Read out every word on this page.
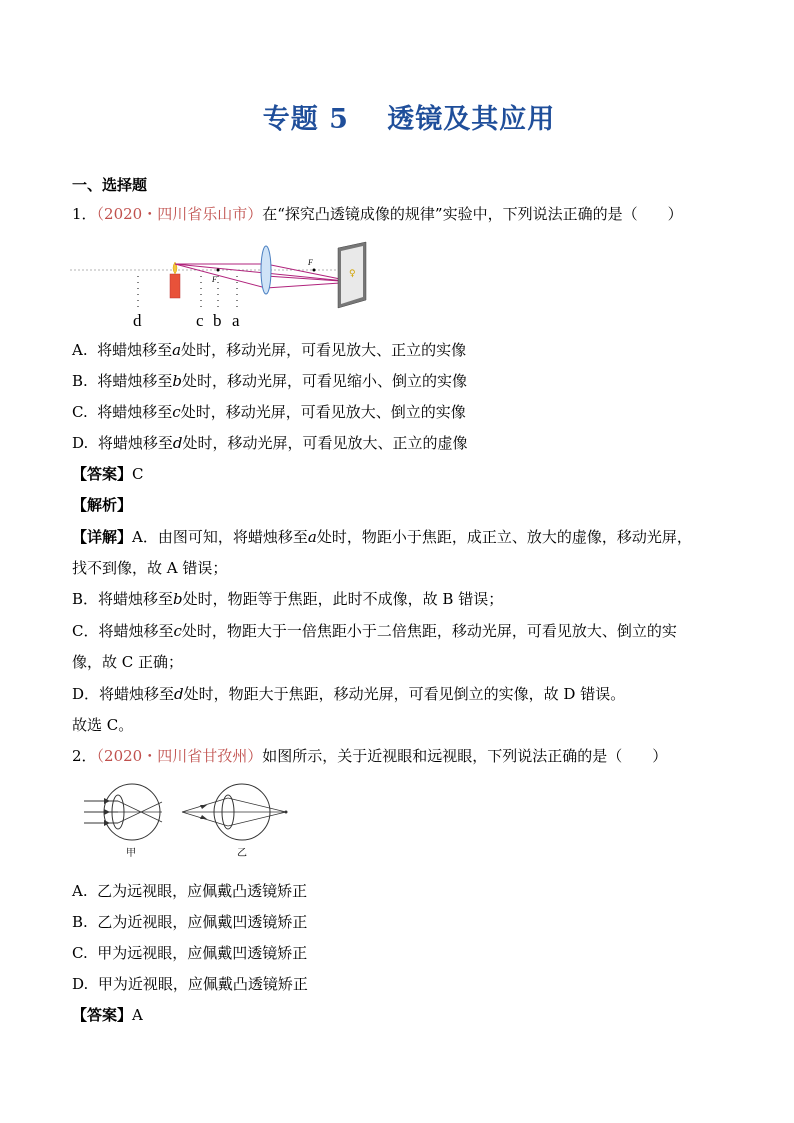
专题 5　 透镜及其应用
一、选择题
1．（2020・四川省乐山市）在“探究凸透镜成像的规律”实验中，下列说法正确的是（　　）
F
F
♀
d	c b a
A. 将蜡烛移至a处时，移动光屏，可看见放大、正立的实像
B. 将蜡烛移至b处时，移动光屏，可看见缩小、倒立的实像
C. 将蜡烛移至c处时，移动光屏，可看见放大、倒立的实像
D. 将蜡烛移至d处时，移动光屏，可看见放大、正立的虚像
【答案】C
【解析】
【详解】A．由图可知，将蜡烛移至a处时，物距小于焦距，成正立、放大的虚像，移动光屏，
找不到像，故 A 错误；
B．将蜡烛移至b处时，物距等于焦距，此时不成像，故 B 错误；
C．将蜡烛移至c处时，物距大于一倍焦距小于二倍焦距，移动光屏，可看见放大、倒立的实
像，故 C 正确；
D．将蜡烛移至d处时，物距大于焦距，移动光屏，可看见倒立的实像，故 D 错误。
故选 C。
2．（2020・四川省甘孜州）如图所示，关于近视眼和远视眼，下列说法正确的是（　　）
甲	乙
A. 乙为远视眼，应佩戴凸透镜矫正
B. 乙为近视眼，应佩戴凹透镜矫正
C. 甲为远视眼，应佩戴凹透镜矫正
D. 甲为近视眼，应佩戴凸透镜矫正
【答案】A
